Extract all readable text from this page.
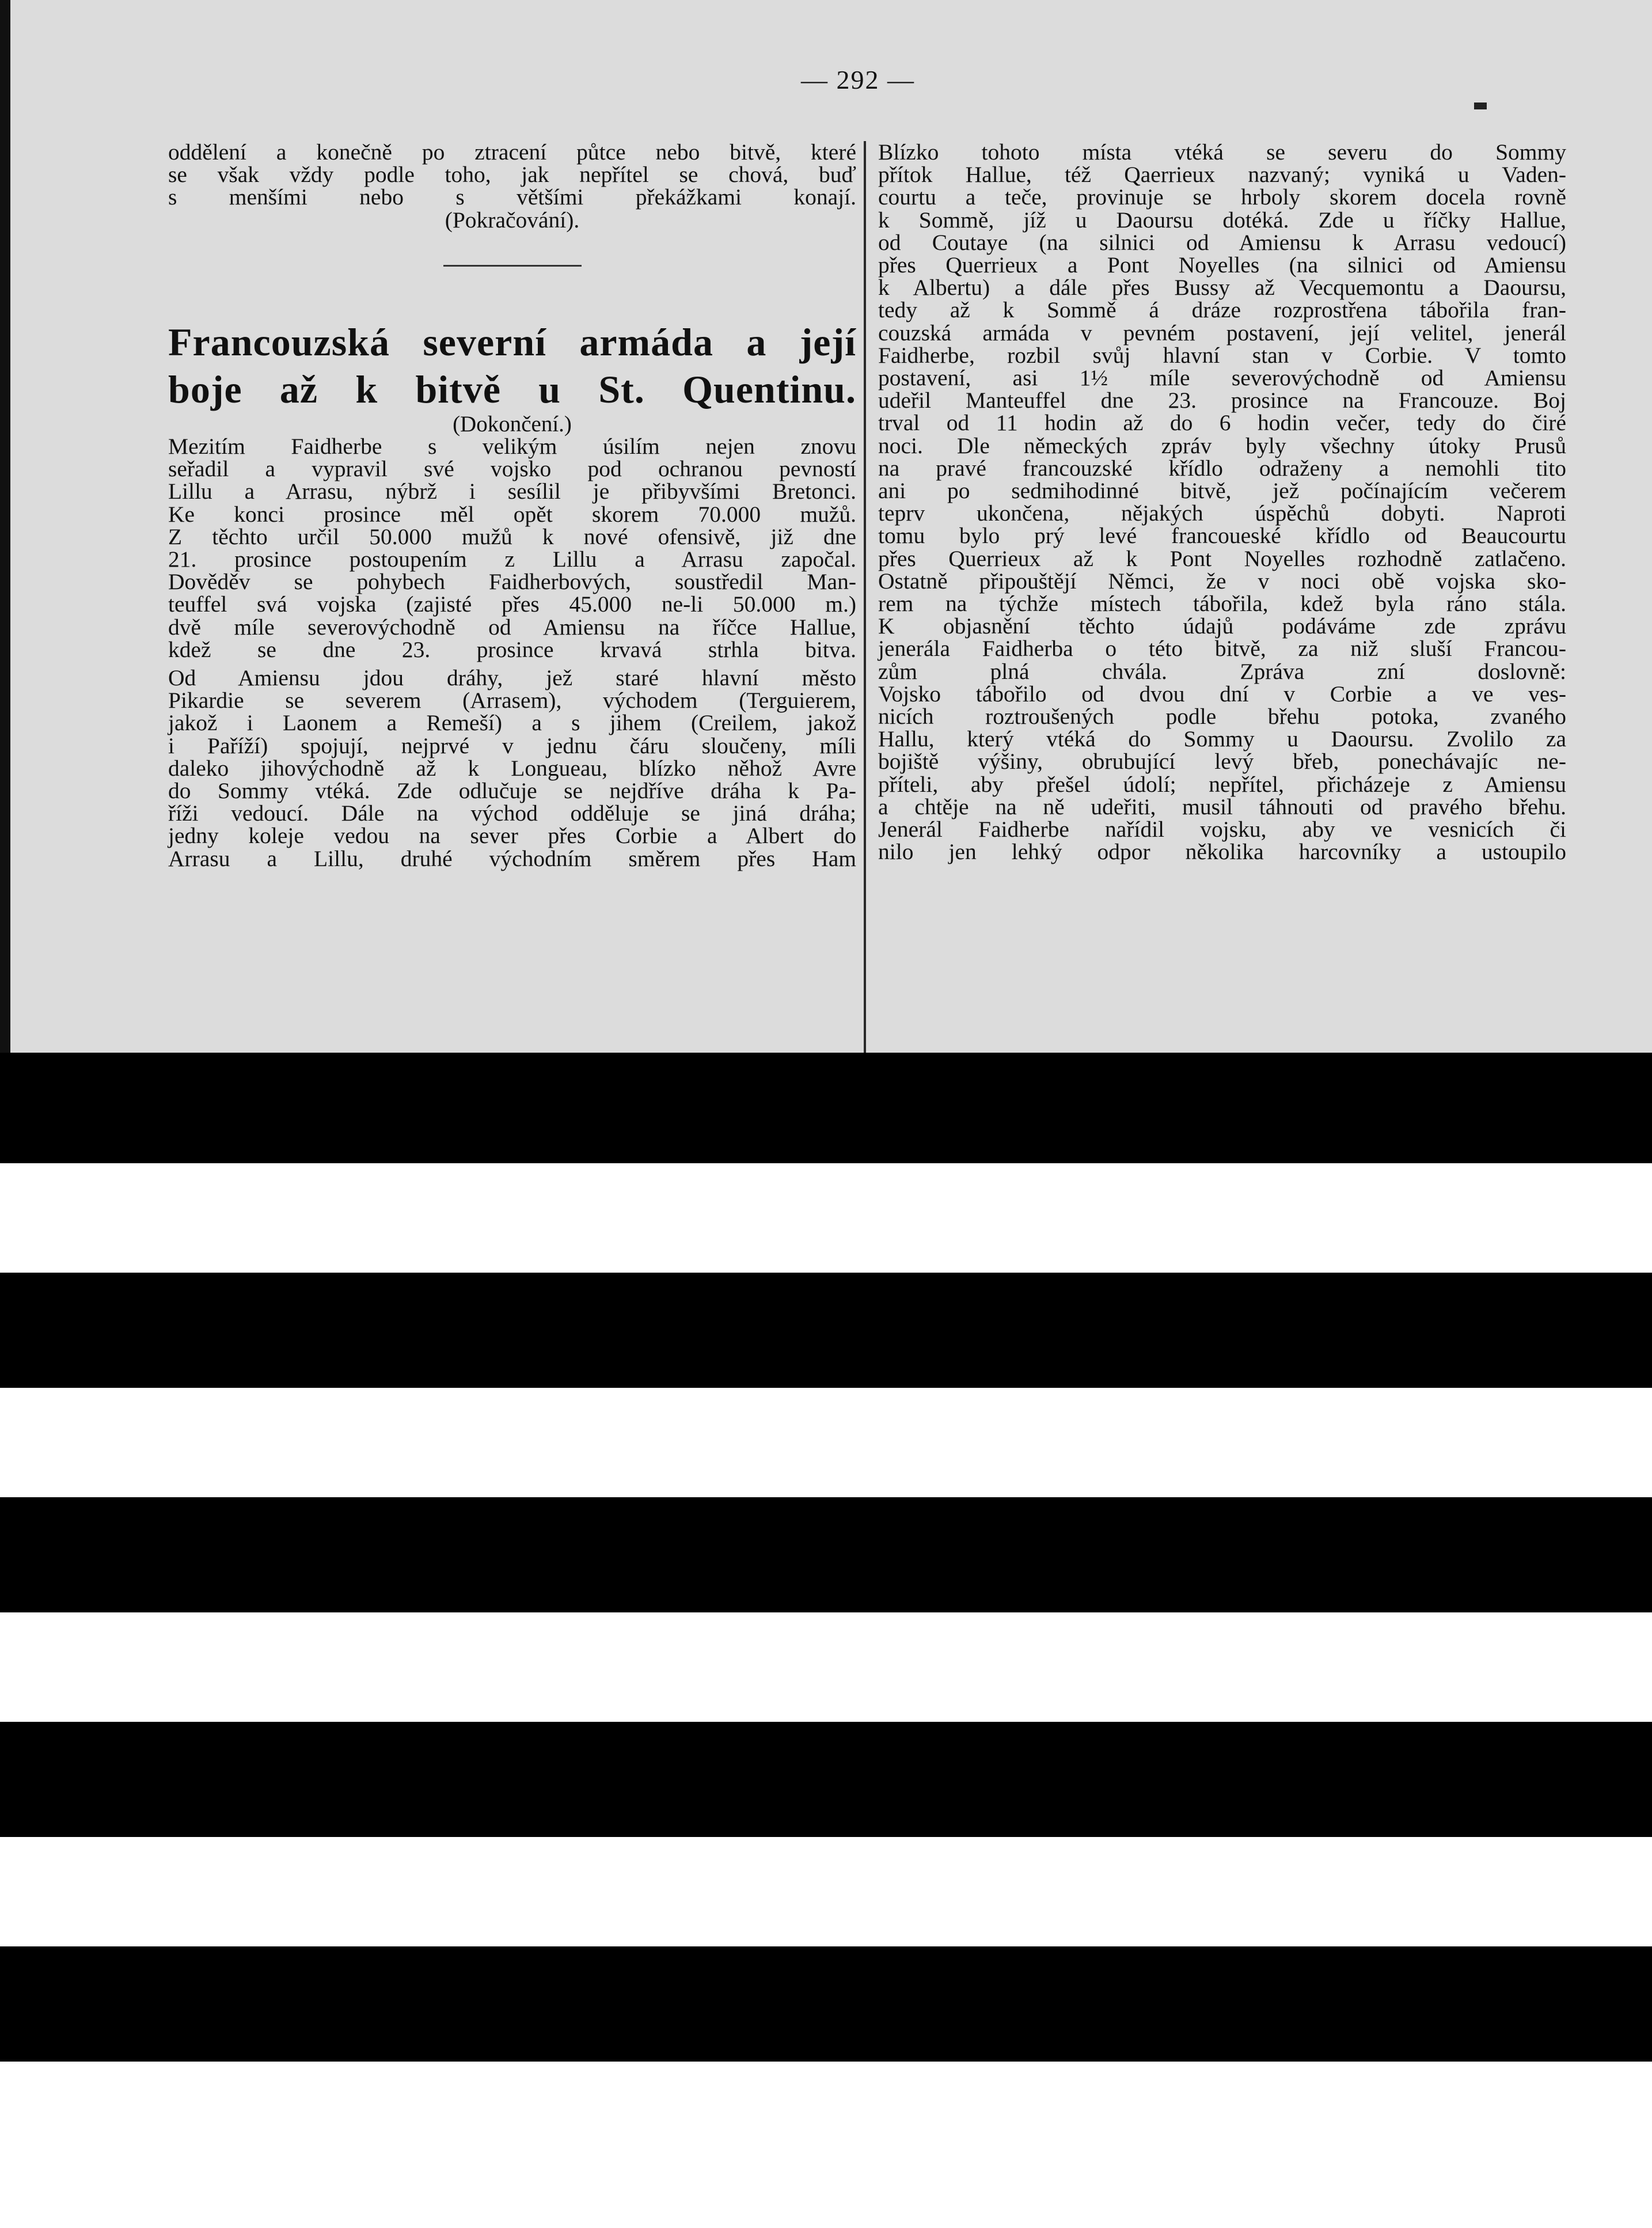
— 292 —

oddělení a konečně po ztracení půtce nebo bitvě, které
se však vždy podle toho, jak nepřítel se chová, buď
s menšími nebo s většími překážkami konají.

(Pokračování).

Francouzská severní armáda a její
boje až k bitvě u St. Quentinu.

(Dokončení.)

Mezitím Faidherbe s velikým úsilím nejen znovu
seřadil a vypravil své vojsko pod ochranou pevností
Lillu a Arrasu, nýbrž i sesílil je přibyvšími Bretonci.
Ke konci prosince měl opět skorem 70.000 mužů.
Z těchto určil 50.000 mužů k nové ofensivě, již dne
21. prosince postoupením z Lillu a Arrasu započal.
Dověděv se pohybech Faidherbových, soustředil Man-
teuffel svá vojska (zajisté přes 45.000 ne-li 50.000 m.)
dvě míle severovýchodně od Amiensu na říčce Hallue,
kdež se dne 23. prosince krvavá strhla bitva.

Od Amiensu jdou dráhy, jež staré hlavní město
Pikardie se severem (Arrasem), východem (Terguierem,
jakož i Laonem a Remeší) a s jihem (Creilem, jakož
i Paříží) spojují, nejprvé v jednu čáru sloučeny, míli
daleko jihovýchodně až k Longueau, blízko něhož Avre
do Sommy vtéká. Zde odlučuje se nejdříve dráha k Pa-
říži vedoucí. Dále na východ odděluje se jiná dráha;
jedny koleje vedou na sever přes Corbie a Albert do
Arrasu a Lillu, druhé východním směrem přes Ham

Blízko tohoto místa vtéká se severu do Sommy
přítok Hallue, též Qaerrieux nazvaný; vyniká u Vaden-
courtu a teče, provinuje se hrboly skorem docela rovně
k Sommě, jíž u Daoursu dotéká. Zde u říčky Hallue,
od Coutaye (na silnici od Amiensu k Arrasu vedoucí)
přes Querrieux a Pont Noyelles (na silnici od Amiensu
k Albertu) a dále přes Bussy až Vecquemontu a Daoursu,
tedy až k Sommě á dráze rozprostřena tábořila fran-
couzská armáda v pevném postavení, její velitel, jenerál
Faidherbe, rozbil svůj hlavní stan v Corbie. V tomto
postavení, asi 1½ míle severovýchodně od Amiensu
udeřil Manteuffel dne 23. prosince na Francouze. Boj
trval od 11 hodin až do 6 hodin večer, tedy do čiré
noci. Dle německých zpráv byly všechny útoky Prusů
na pravé francouzské křídlo odraženy a nemohli tito
ani po sedmihodinné bitvě, jež počínajícím večerem
teprv ukončena, nějakých úspěchů dobyti. Naproti
tomu bylo prý levé francoueské křídlo od Beaucourtu
přes Querrieux až k Pont Noyelles rozhodně zatlačeno.
Ostatně připouštějí Němci, že v noci obě vojska sko-
rem na týchže místech tábořila, kdež byla ráno stála.

K objasnění těchto údajů podáváme zde zprávu
jenerála Faidherba o této bitvě, za niž sluší Francou-
zům plná chvála. Zpráva zní doslovně:

Vojsko tábořilo od dvou dní v Corbie a ve ves-
nicích roztroušených podle břehu potoka, zvaného
Hallu, který vtéká do Sommy u Daoursu. Zvolilo za
bojiště výšiny, obrubující levý břeb, ponechávajíc ne-
příteli, aby přešel údolí; nepřítel, přicházeje z Amiensu
a chtěje na ně udeřiti, musil táhnouti od pravého břehu.
Jenerál Faidherbe nařídil vojsku, aby ve vesnicích či
nilo jen lehký odpor několika harcovníky a ustoupilo
